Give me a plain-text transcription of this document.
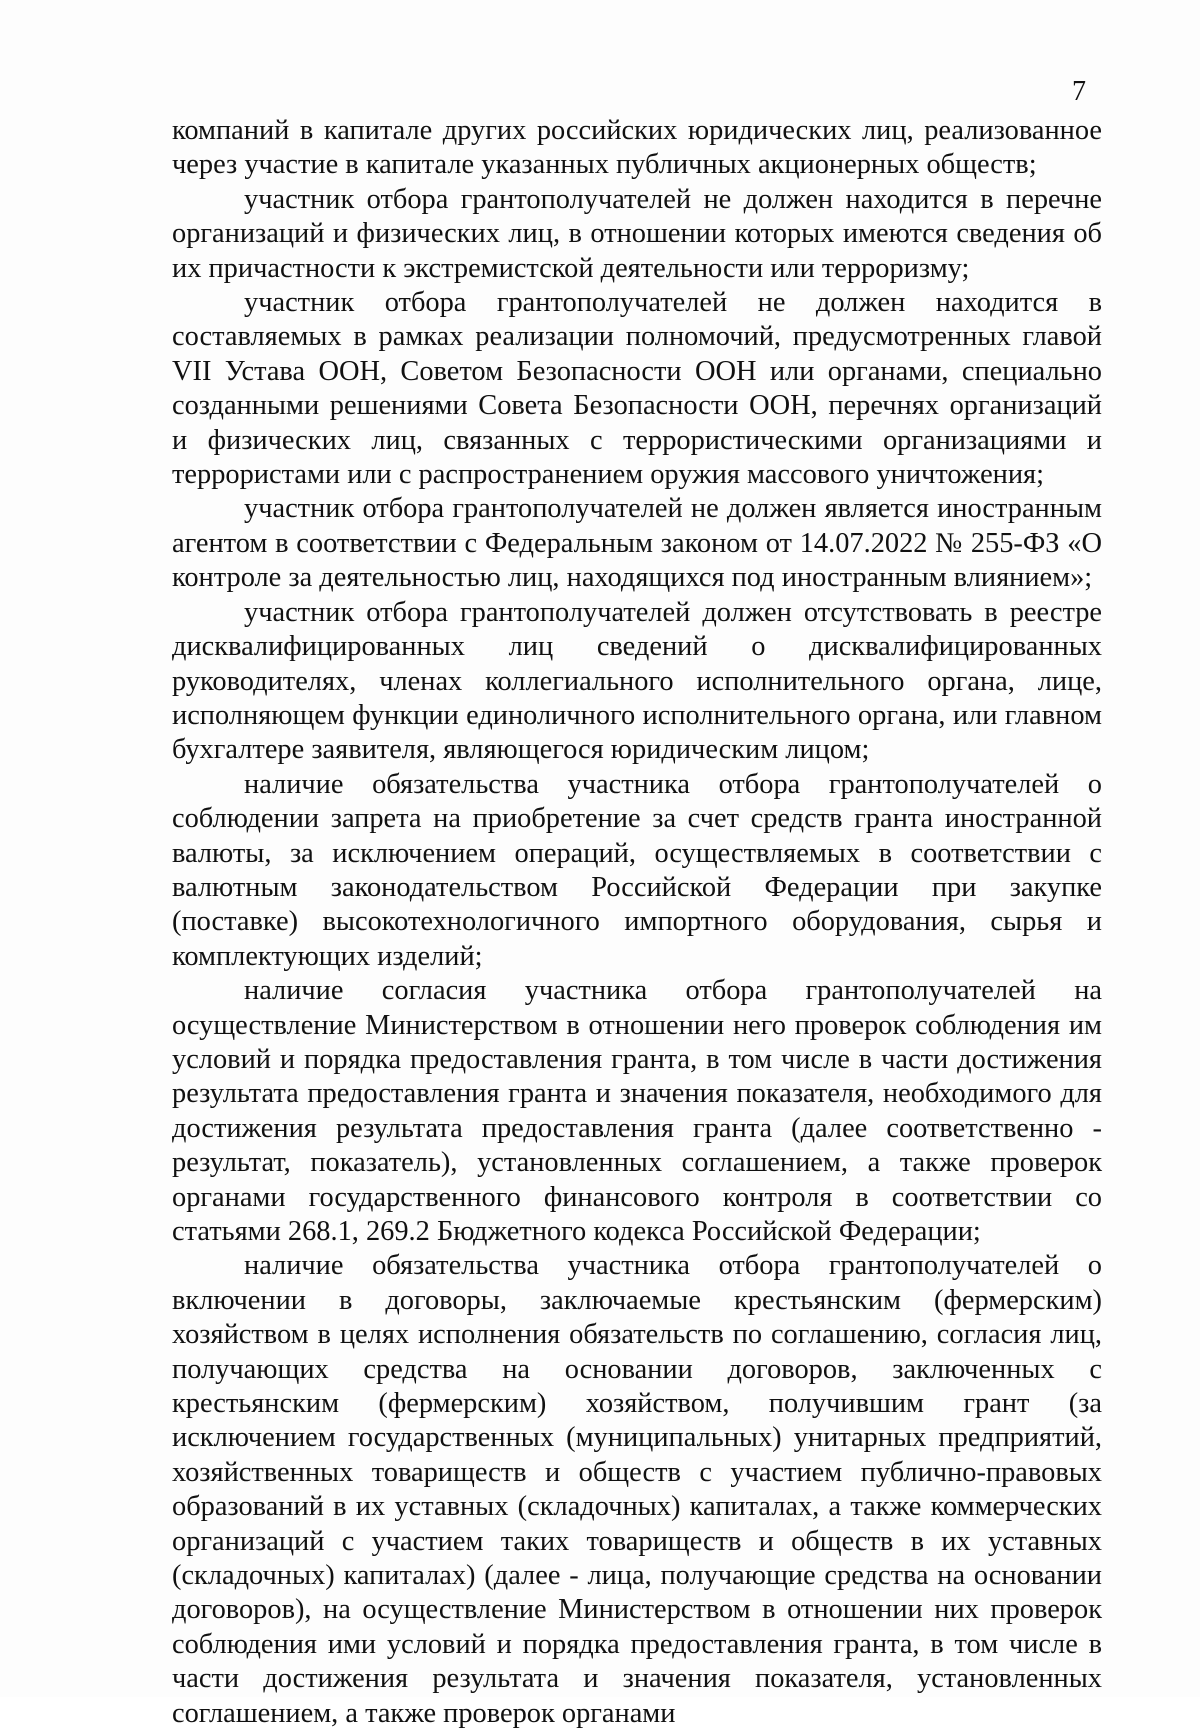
7

компаний в капитале других российских юридических лиц, реализованное через участие в капитале указанных публичных акционерных обществ;

участник отбора грантополучателей не должен находится в перечне организаций и физических лиц, в отношении которых имеются сведения об их причастности к экстремистской деятельности или терроризму;

участник отбора грантополучателей не должен находится в составляемых в рамках реализации полномочий, предусмотренных главой VII Устава ООН, Советом Безопасности ООН или органами, специально созданными решениями Совета Безопасности ООН, перечнях организаций и физических лиц, связанных с террористическими организациями и террористами или с распространением оружия массового уничтожения;

участник отбора грантополучателей не должен является иностранным агентом в соответствии с Федеральным законом от 14.07.2022 № 255-ФЗ «О контроле за деятельностью лиц, находящихся под иностранным влиянием»;

участник отбора грантополучателей должен отсутствовать в реестре дисквалифицированных лиц сведений о дисквалифицированных руководителях, членах коллегиального исполнительного органа, лице, исполняющем функции единоличного исполнительного органа, или главном бухгалтере заявителя, являющегося юридическим лицом;

наличие обязательства участника отбора грантополучателей о соблюдении запрета на приобретение за счет средств гранта иностранной валюты, за исключением операций, осуществляемых в соответствии с валютным законодательством Российской Федерации при закупке (поставке) высокотехнологичного импортного оборудования, сырья и комплектующих изделий;

наличие согласия участника отбора грантополучателей на осуществление Министерством в отношении него проверок соблюдения им условий и порядка предоставления гранта, в том числе в части достижения результата предоставления гранта и значения показателя, необходимого для достижения результата предоставления гранта (далее соответственно - результат, показатель), установленных соглашением, а также проверок органами государственного финансового контроля в соответствии со статьями 268.1, 269.2 Бюджетного кодекса Российской Федерации;

наличие обязательства участника отбора грантополучателей о включении в договоры, заключаемые крестьянским (фермерским) хозяйством в целях исполнения обязательств по соглашению, согласия лиц, получающих средства на основании договоров, заключенных с крестьянским (фермерским) хозяйством, получившим грант (за исключением государственных (муниципальных) унитарных предприятий, хозяйственных товариществ и обществ с участием публично-правовых образований в их уставных (складочных) капиталах, а также коммерческих организаций с участием таких товариществ и обществ в их уставных (складочных) капиталах) (далее - лица, получающие средства на основании договоров), на осуществление Министерством в отношении них проверок соблюдения ими условий и порядка предоставления гранта, в том числе в части достижения результата и значения показателя, установленных соглашением, а также проверок органами
